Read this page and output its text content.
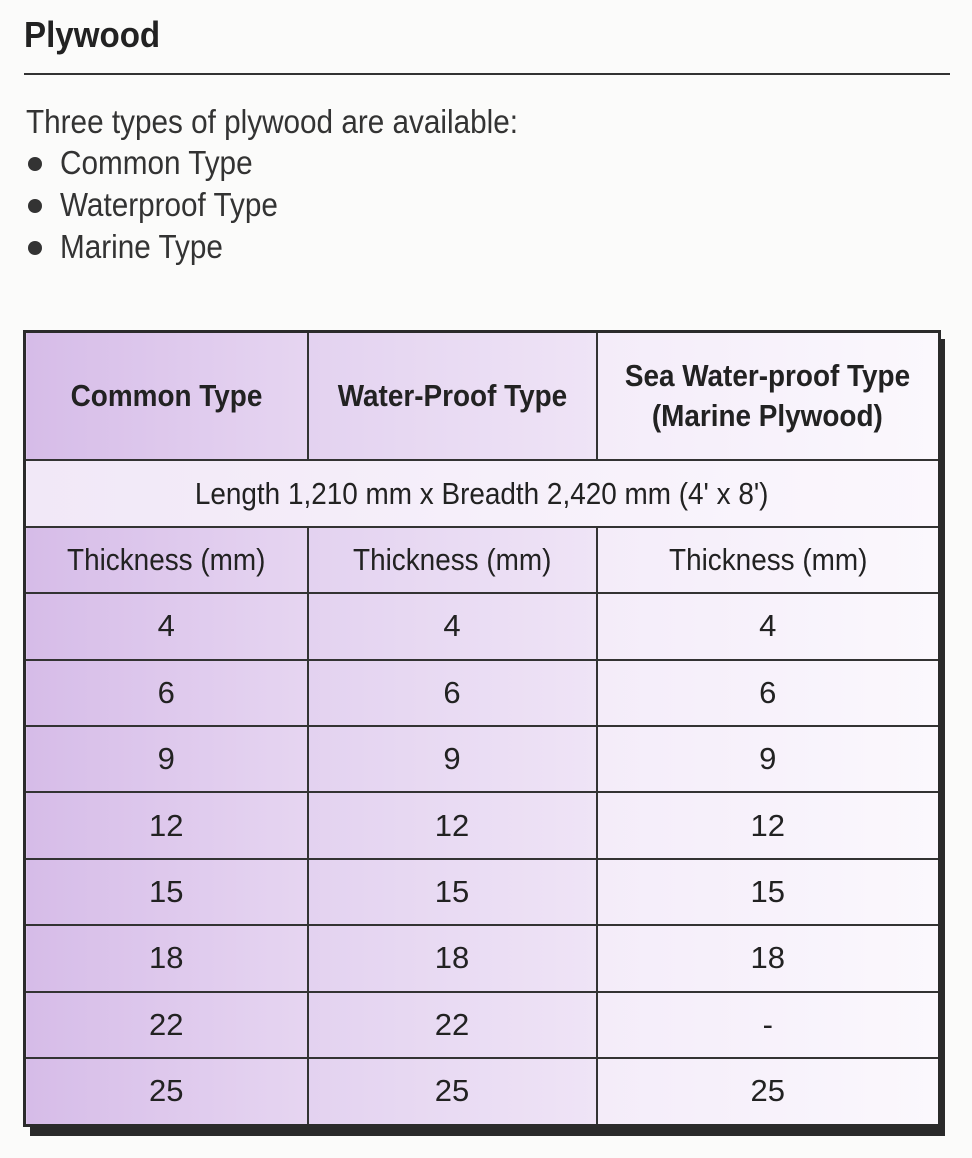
Plywood
Three types of plywood are available:
Common Type
Waterproof Type
Marine Type
Common Type	Water-Proof Type	Sea Water-proof Type
(Marine Plywood)
Length 1,210 mm x Breadth 2,420 mm (4' x 8')		
Thickness (mm)	Thickness (mm)	Thickness (mm)
4	4	4
6	6	6
9	9	9
12	12	12
15	15	15
18	18	18
22	22	-
25	25	25
